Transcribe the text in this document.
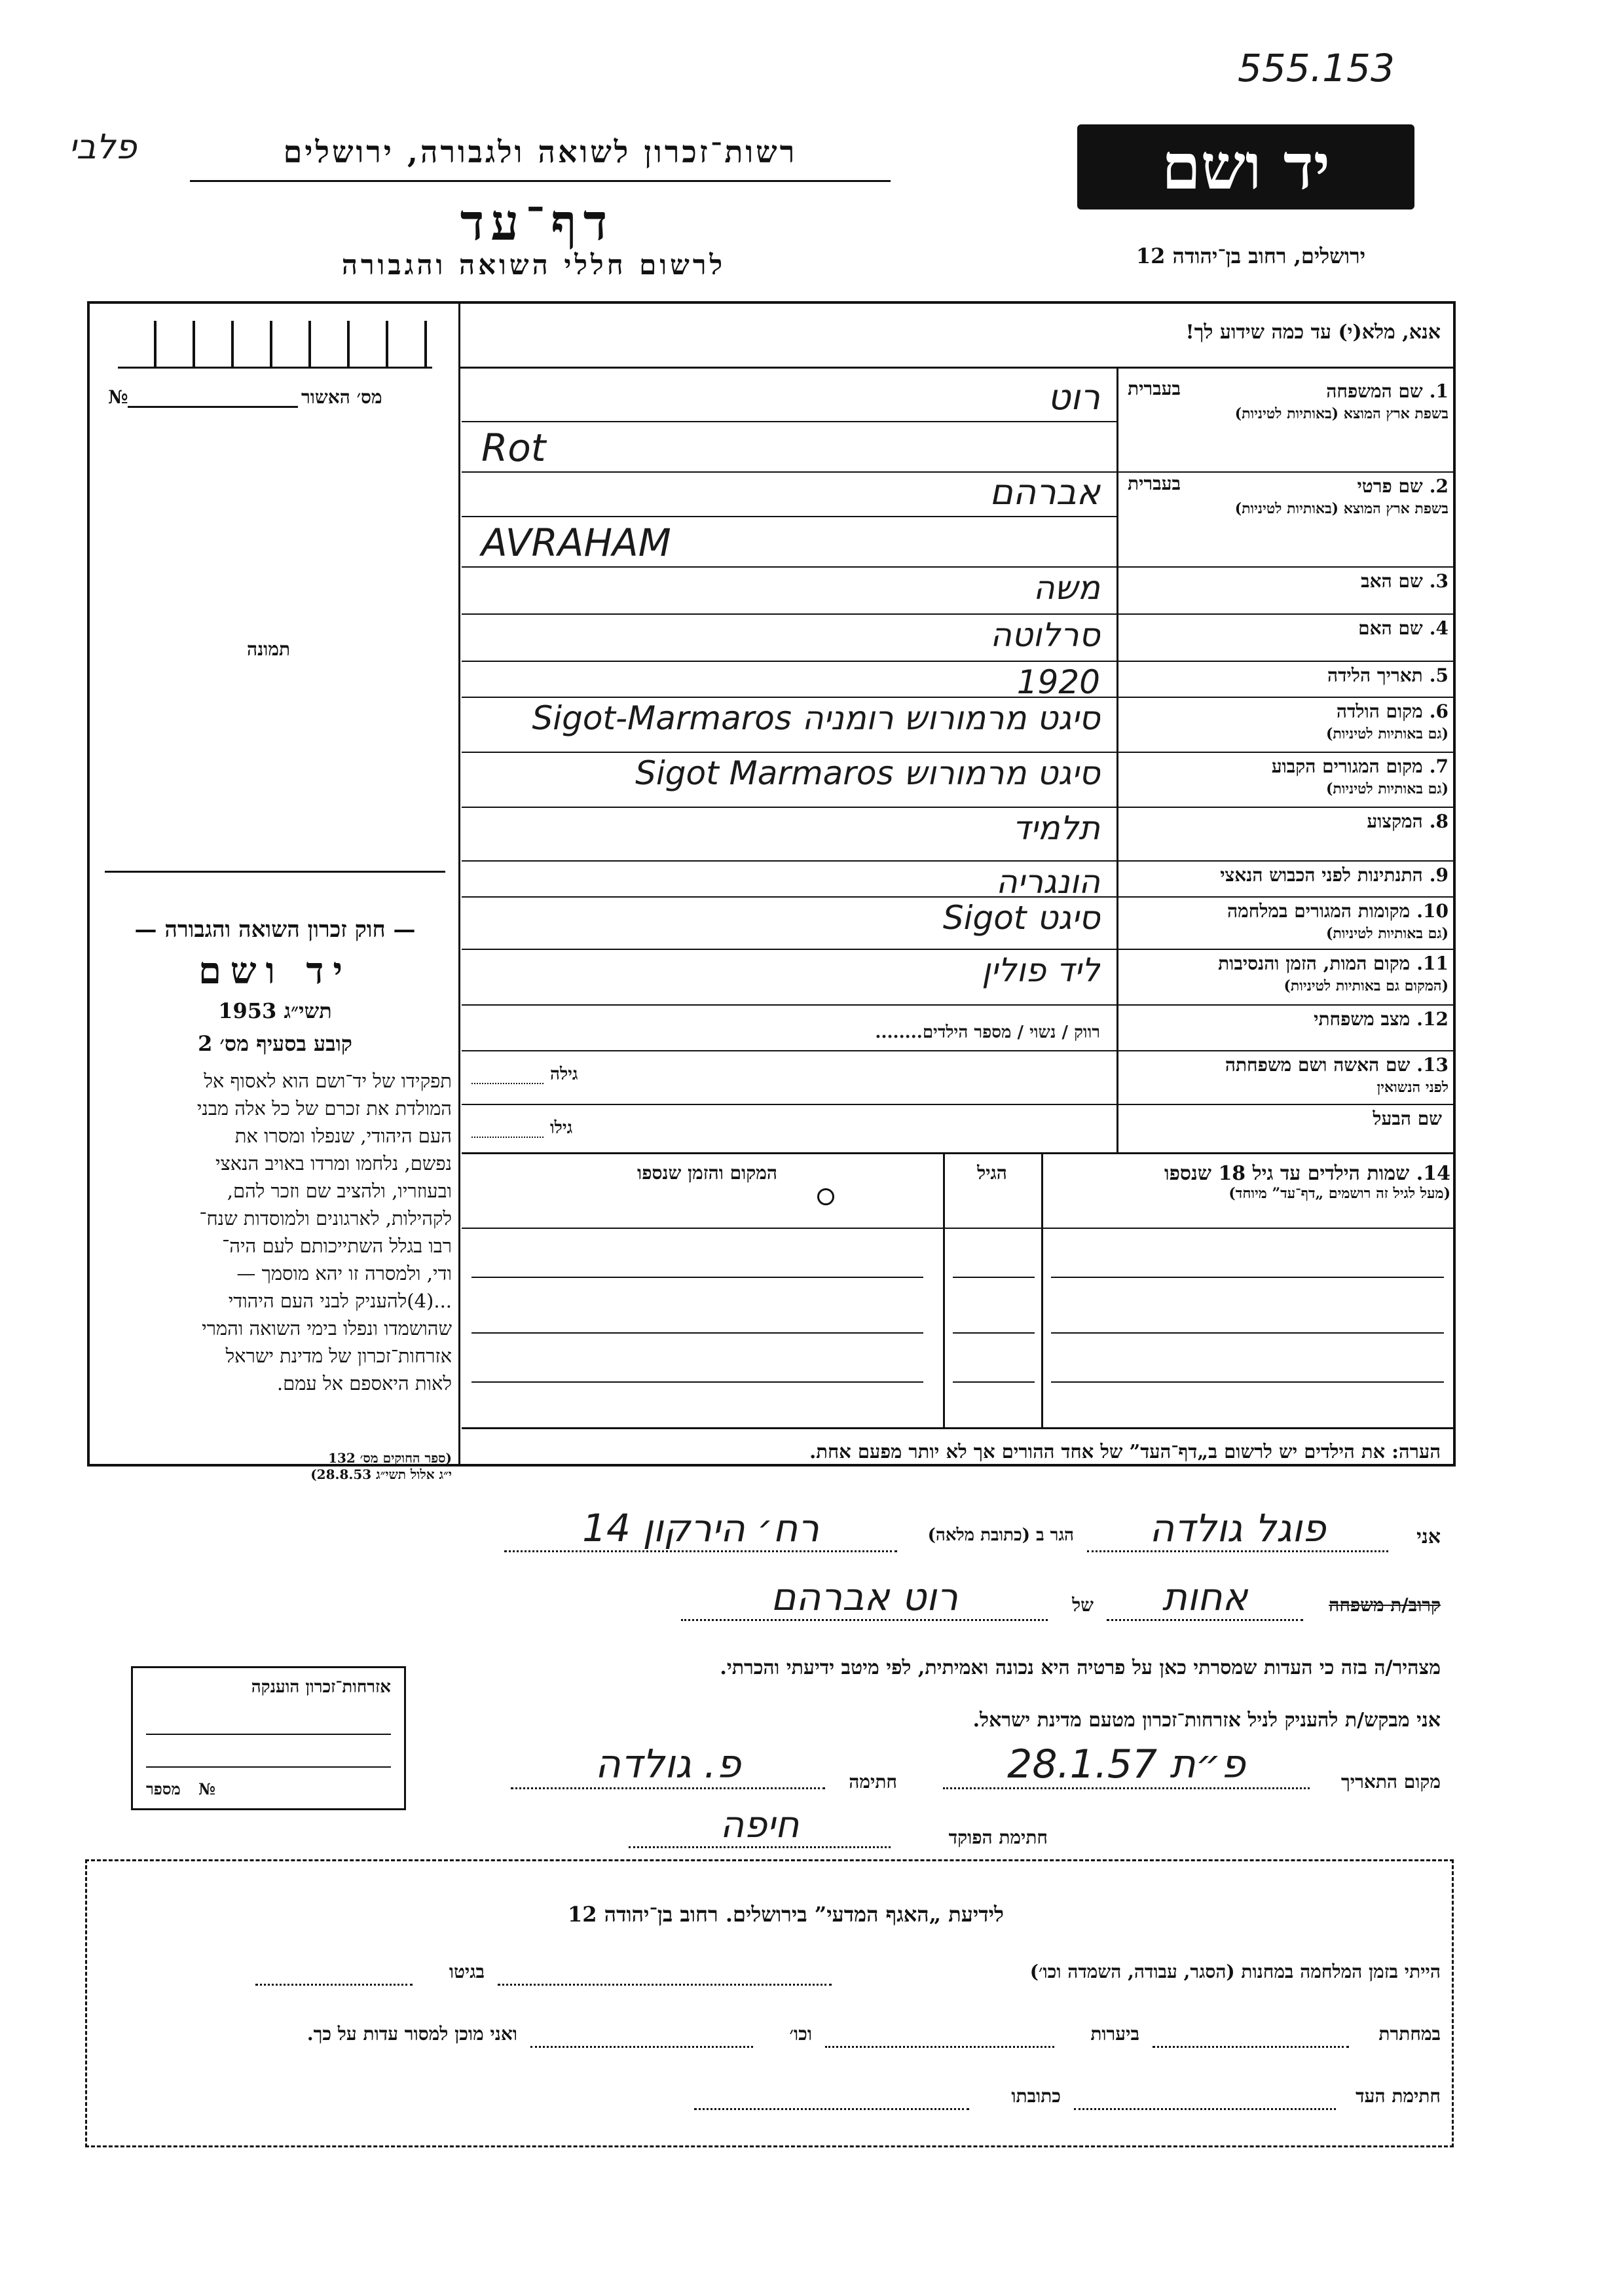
555.153
פלבי	רשות־זכרון לשואה ולגבורה, ירושלים
דף־עד
לרשום חללי השואה והגבורה
יד ושם
ירושלים, רחוב בן־יהודה 12
אנא, מלא(י) עד כמה שידוע לך!
מס׳ האשור
№
תמונה
— חוק זכרון השואה והגבורה —
יד ושם
תשי״ג 1953
קובע בסעיף מס׳ 2
תפקידו של יד־ושם הוא לאסוף אל
המולדת את זכרם של כל אלה מבני
העם היהודי, שנפלו ומסרו את
נפשם, נלחמו ומרדו באויב הנאצי
ובעוזריו, ולהציב שם וזכר להם,
לקהילות, לארגונים ולמוסדות שנח־
רבו בגלל השתייכותם לעם היה־
ודי, ולמסרה זו יהא מוסמך —
...(4)להעניק לבני העם היהודי
שהושמדו ונפלו בימי השואה והמרי
אזרחות־זכרון של מדינת ישראל
לאות היאספם אל עמם.
(ספר החוקים מס׳ 132
י״ג אלול תשי״ג 28.8.53)
1.שם המשפחה
בעברית
בשפת ארץ המוצא (באותיות לטיניות)
2.שם פרטי
בעברית
בשפת ארץ המוצא (באותיות לטיניות)
3.שם האב
4.שם האם
5.תאריך הלידה
6.מקום הולדה
(גם באותיות לטיניות)
7.מקום המגורים הקבוע
(גם באותיות לטיניות)
8.המקצוע
9.התנתינות לפני הכבוש הנאצי
10.מקומות המגורים במלחמה
(גם באותיות לטיניות)
11.מקום המות, הזמן והנסיבות
(המקום גם באותיות לטיניות)
12.מצב משפחתי
13.שם האשה ושם משפחתה
לפני הנשואין
שם הבעל
רוט
Rot
אברהם
AVRAHAM
משה
סרלוטה
1920
Sigot-Marmaros סיגט מרמורוש רומניה
Sigot Marmaros סיגט מרמורוש
תלמיד
הונגריה
Sigot סיגט
ליד פולין
רווק / נשוי / מספר הילדים........
גילה
גילו
14. שמות הילדים עד גיל 18 שנספו
(מעל לגיל זה רושמים „דף־עד” מיוחד)
הגיל
המקום והזמן שנספו
הערה: את הילדים יש לרשום ב„דף־העד” של אחד ההורים אך לא יותר מפעם אחת.
אני
פוגל גולדה
הגר ב (כתובת מלאה)
רח׳ הירקון 14
קרוב/ת משפחה
אחות
של
רוט אברהם
מצהיר/ה בזה כי העדות שמסרתי כאן על פרטיה היא נכונה ואמיתית, לפי מיטב ידיעתי והכרתי.
אני מבקש/ת להעניק לניל אזרחות־זכרון מטעם מדינת ישראל.
מקום התאריך
פ״ת 28.1.57
חתימה
פ. גולדה
חתימת הפוקד
חיפה
אזרחות־זכרון הוענקה
מספר №
לידיעת „האגף המדעי” בירושלים. רחוב בן־יהודה 12
הייתי בזמן המלחמה במחנות (הסגר, עבודה, השמדה וכו׳)
בגיטו
במחתרת
ביערות
וכו׳
ואני מוכן למסור עדות על כך.
חתימת העד
כתובתו
